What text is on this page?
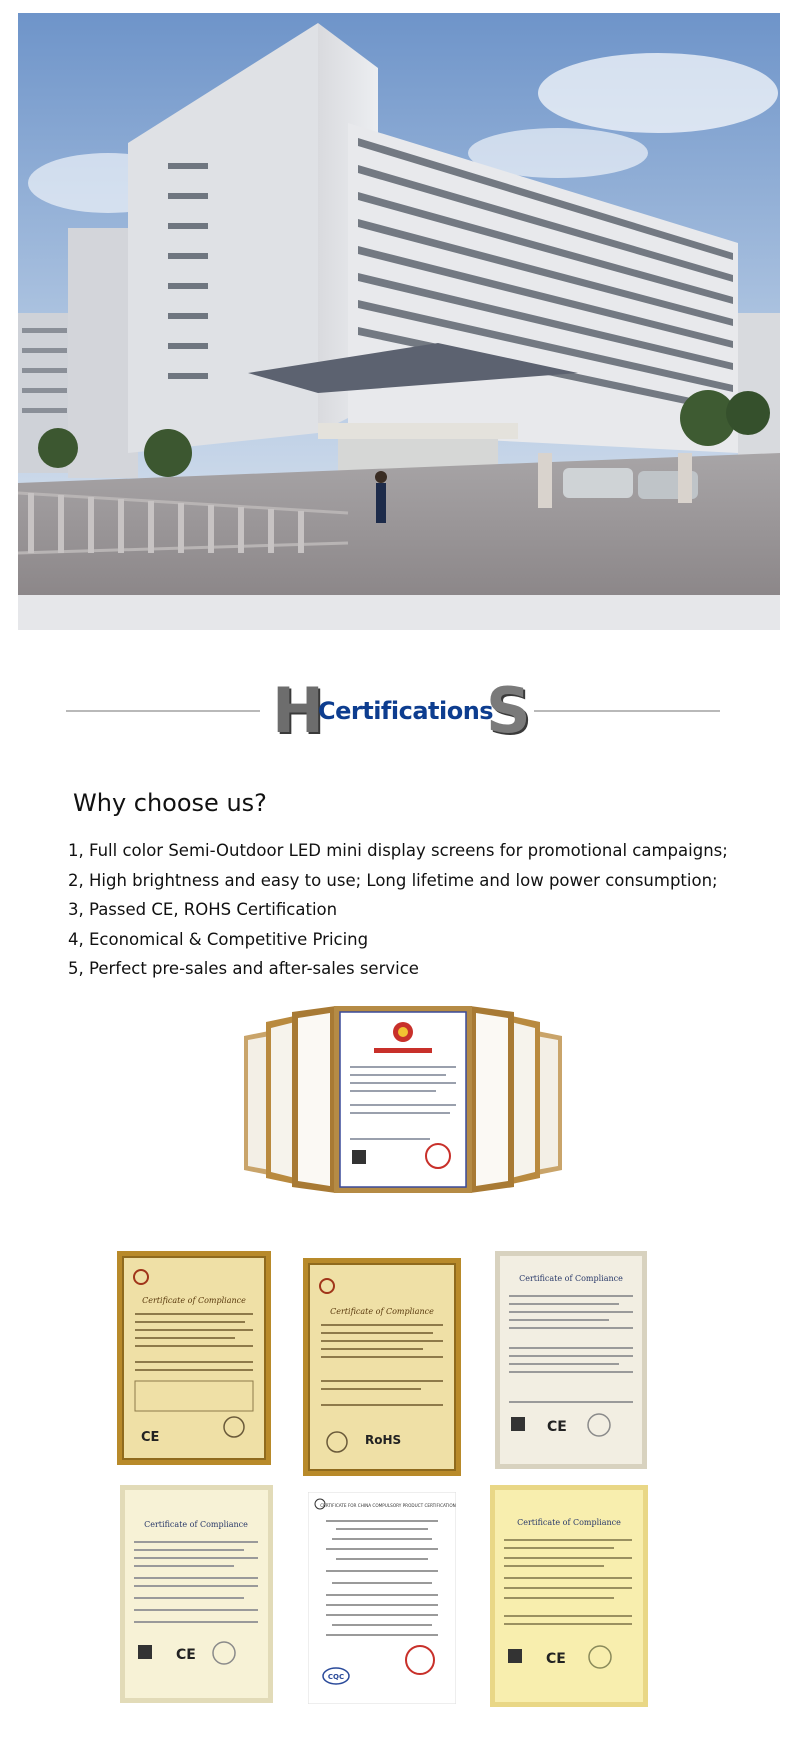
H
Certifications
S
Why choose us?
1, Full color Semi-Outdoor LED mini display screens for promotional campaigns;
2, High brightness and easy to use; Long lifetime and low power consumption;
3, Passed CE, ROHS Certification
4, Economical & Competitive Pricing
5, Perfect pre-sales and after-sales service
Certificate of Compliance
CE
Certificate of Compliance
RoHS
Certificate of Compliance
CE
Certificate of Compliance
CE
CERTIFICATE FOR CHINA COMPULSORY PRODUCT CERTIFICATION
CQC
Certificate of Compliance
CE
